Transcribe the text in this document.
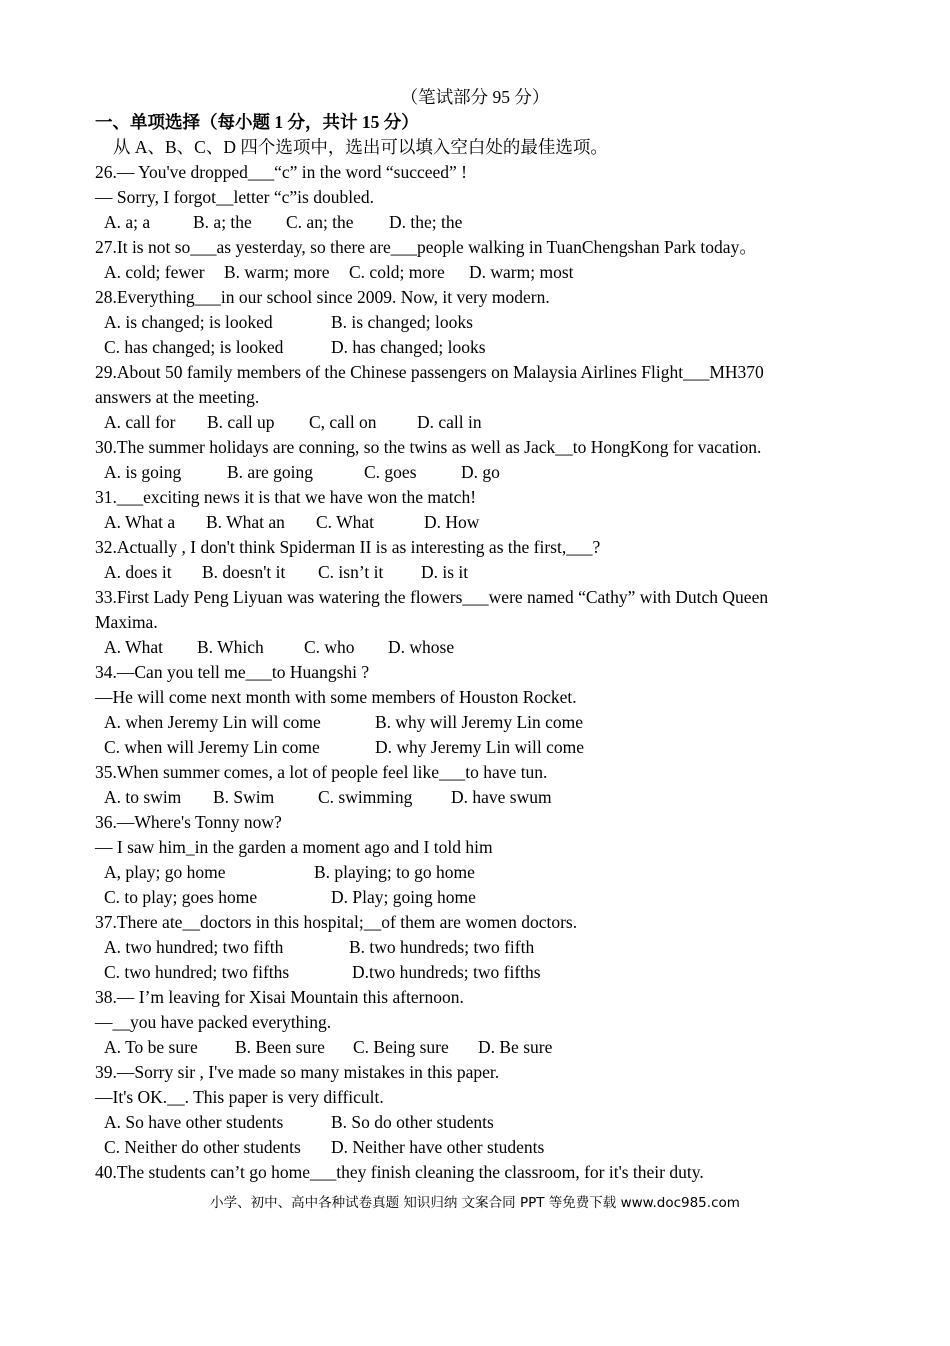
（笔试部分 95 分）
一、单项选择（每小题 1 分，共计 15 分）
从 A、B、C、D 四个选项中，选出可以填入空白处的最佳选项。
26.— You've dropped___“c” in the word “succeed” !
— Sorry, I forgot__letter “c”is doubled.
A. a; a B. a; the C. an; the D. the; the
27.It is not so___as yesterday, so there are___people walking in TuanChengshan Park today。
A. cold; fewer B. warm; more C. cold; more D. warm; most
28.Everything___in our school since 2009. Now, it very modern.
A. is changed; is looked	B. is changed; looks
C. has changed; is looked	D. has changed; looks
29.About 50 family members of the Chinese passengers on Malaysia Airlines Flight___MH370
answers at the meeting.
A. call for B. call up C, call on D. call in
30.The summer holidays are conning, so the twins as well as Jack__to HongKong for vacation.
A. is going	B. are going	C. goes	D. go
31.___exciting news it is that we have won the match!
A. What a B. What an C. What	D. How
32.Actually , I don't think Spiderman II is as interesting as the first,___?
A. does it B. doesn't it C. isn’t it D. is it
33.First Lady Peng Liyuan was watering the flowers___were named “Cathy” with Dutch Queen
Maxima.
A. What B. Which C. who D. whose
34.—Can you tell me___to Huangshi ?
—He will come next month with some members of Houston Rocket.
A. when Jeremy Lin will come	B. why will Jeremy Lin come
C. when will Jeremy Lin come	D. why Jeremy Lin will come
35.When summer comes, a lot of people feel like___to have tun.
A. to swim B. Swim C. swimming D. have swum
36.—Where's Tonny now?
— I saw him_in the garden a moment ago and I told him
A, play; go home	B. playing; to go home
C. to play; goes home	D. Play; going home
37.There ate__doctors in this hospital;__of them are women doctors.
A. two hundred; two fifth	B. two hundreds; two fifth
C. two hundred; two fifths	D.two hundreds; two fifths
38.— I’m leaving for Xisai Mountain this afternoon.
—__you have packed everything.
A. To be sure B. Been sure C. Being sure D. Be sure
39.—Sorry sir , I've made so many mistakes in this paper.
—It's OK.__. This paper is very difficult.
A. So have other students	B. So do other students
C. Neither do other students D. Neither have other students
40.The students can’t go home___they finish cleaning the classroom, for it's their duty.
小学、初中、高中各种试卷真题 知识归纳 文案合同 PPT 等免费下载 www.doc985.com
